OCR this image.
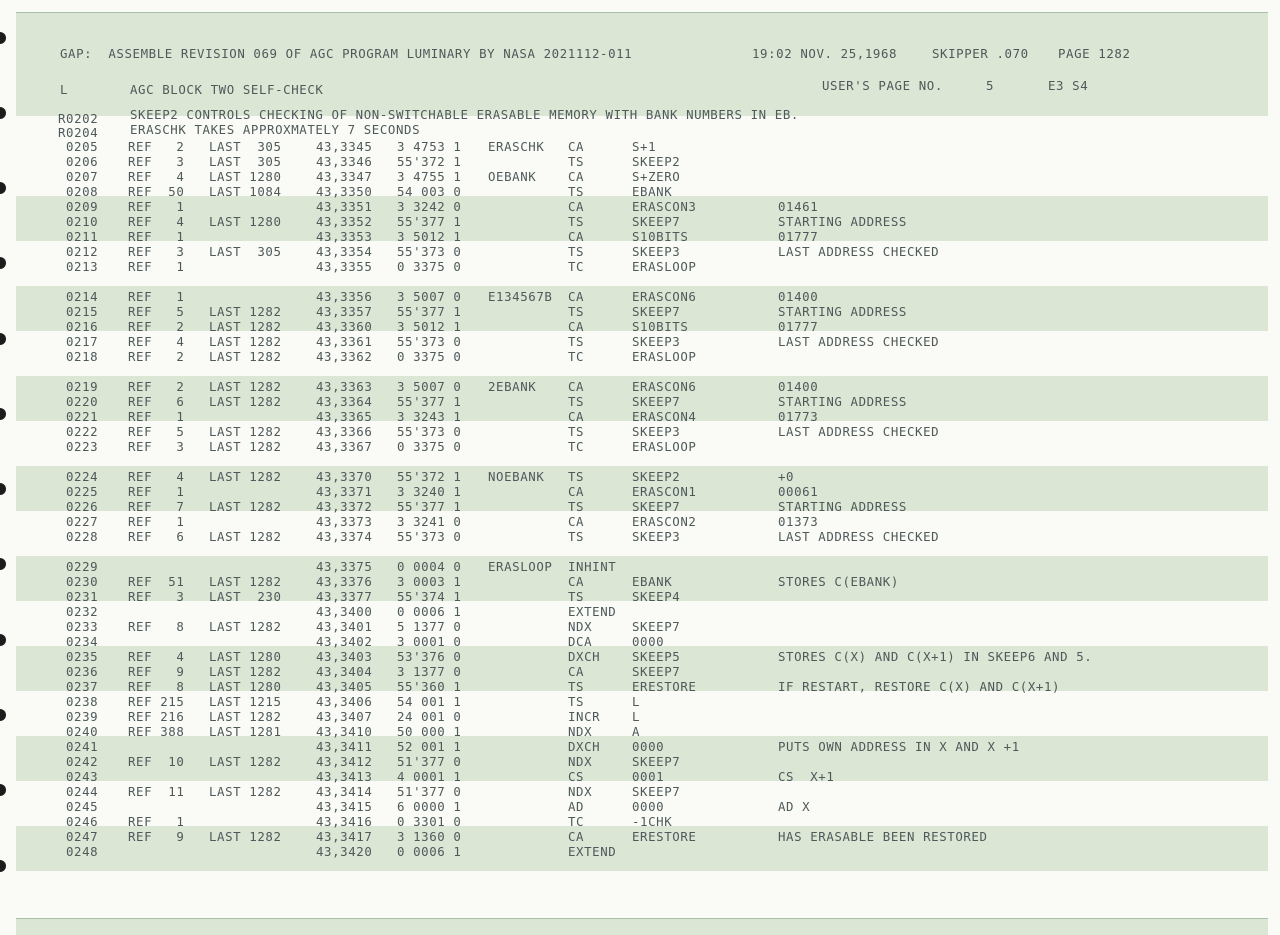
GAP:  ASSEMBLE REVISION 069 OF AGC PROGRAM LUMINARY BY NASA 2021112-011	19:02 NOV. 25,1968	SKIPPER .070 PAGE 1282
L	AGC BLOCK TWO SELF-CHECK	USER'S PAGE NO.	5	E3 S4
R0202	SKEEP2 CONTROLS CHECKING OF NON-SWITCHABLE ERASABLE MEMORY WITH BANK NUMBERS IN EB.
R0204	ERASCHK TAKES APPROXMATELY 7 SECONDS
0205 REF   2 LAST  305	43,3345 3 4753 1 ERASCHK CA	S+1
0206 REF   3 LAST  305	43,3346 55'372 1	TS	SKEEP2
0207 REF   4 LAST 1280	43,3347 3 4755 1 OEBANK	CA	S+ZERO
0208 REF  50 LAST 1084	43,3350 54 003 0	TS	EBANK
0209 REF   1	43,3351 3 3242 0	CA	ERASCON3	01461
0210 REF   4 LAST 1280	43,3352 55'377 1	TS	SKEEP7	STARTING ADDRESS
0211 REF   1	43,3353 3 5012 1	CA	S10BITS	01777
0212 REF   3 LAST  305	43,3354 55'373 0	TS	SKEEP3	LAST ADDRESS CHECKED
0213 REF   1	43,3355 0 3375 0	TC	ERASLOOP
0214 REF   1	43,3356 3 5007 0 E134567B CA	ERASCON6	01400
0215 REF   5 LAST 1282	43,3357 55'377 1	TS	SKEEP7	STARTING ADDRESS
0216 REF   2 LAST 1282	43,3360 3 5012 1	CA	S10BITS	01777
0217 REF   4 LAST 1282	43,3361 55'373 0	TS	SKEEP3	LAST ADDRESS CHECKED
0218 REF   2 LAST 1282	43,3362 0 3375 0	TC	ERASLOOP
0219 REF   2 LAST 1282	43,3363 3 5007 0 2EBANK	CA	ERASCON6	01400
0220 REF   6 LAST 1282	43,3364 55'377 1	TS	SKEEP7	STARTING ADDRESS
0221 REF   1	43,3365 3 3243 1	CA	ERASCON4	01773
0222 REF   5 LAST 1282	43,3366 55'373 0	TS	SKEEP3	LAST ADDRESS CHECKED
0223 REF   3 LAST 1282	43,3367 0 3375 0	TC	ERASLOOP
0224 REF   4 LAST 1282	43,3370 55'372 1 NOEBANK TS	SKEEP2	+0
0225 REF   1	43,3371 3 3240 1	CA	ERASCON1	00061
0226 REF   7 LAST 1282	43,3372 55'377 1	TS	SKEEP7	STARTING ADDRESS
0227 REF   1	43,3373 3 3241 0	CA	ERASCON2	01373
0228 REF   6 LAST 1282	43,3374 55'373 0	TS	SKEEP3	LAST ADDRESS CHECKED
0229	43,3375 0 0004 0 ERASLOOP INHINT
0230 REF  51 LAST 1282	43,3376 3 0003 1	CA	EBANK	STORES C(EBANK)
0231 REF   3 LAST  230	43,3377 55'374 1	TS	SKEEP4
0232	43,3400 0 0006 1	EXTEND
0233 REF   8 LAST 1282	43,3401 5 1377 0	NDX	SKEEP7
0234	43,3402 3 0001 0	DCA	0000
0235 REF   4 LAST 1280	43,3403 53'376 0	DXCH	SKEEP5	STORES C(X) AND C(X+1) IN SKEEP6 AND 5.
0236 REF   9 LAST 1282	43,3404 3 1377 0	CA	SKEEP7
0237 REF   8 LAST 1280	43,3405 55'360 1	TS	ERESTORE	IF RESTART, RESTORE C(X) AND C(X+1)
0238 REF 215 LAST 1215	43,3406 54 001 1	TS	L
0239 REF 216 LAST 1282	43,3407 24 001 0	INCR	L
0240 REF 388 LAST 1281	43,3410 50 000 1	NDX	A
0241	43,3411 52 001 1	DXCH	0000	PUTS OWN ADDRESS IN X AND X +1
0242 REF  10 LAST 1282	43,3412 51'377 0	NDX	SKEEP7
0243	43,3413 4 0001 1	CS	0001	CS  X+1
0244 REF  11 LAST 1282	43,3414 51'377 0	NDX	SKEEP7
0245	43,3415 6 0000 1	AD	0000	AD X
0246 REF   1	43,3416 0 3301 0	TC	-1CHK
0247 REF   9 LAST 1282	43,3417 3 1360 0	CA	ERESTORE	HAS ERASABLE BEEN RESTORED
0248	43,3420 0 0006 1	EXTEND
